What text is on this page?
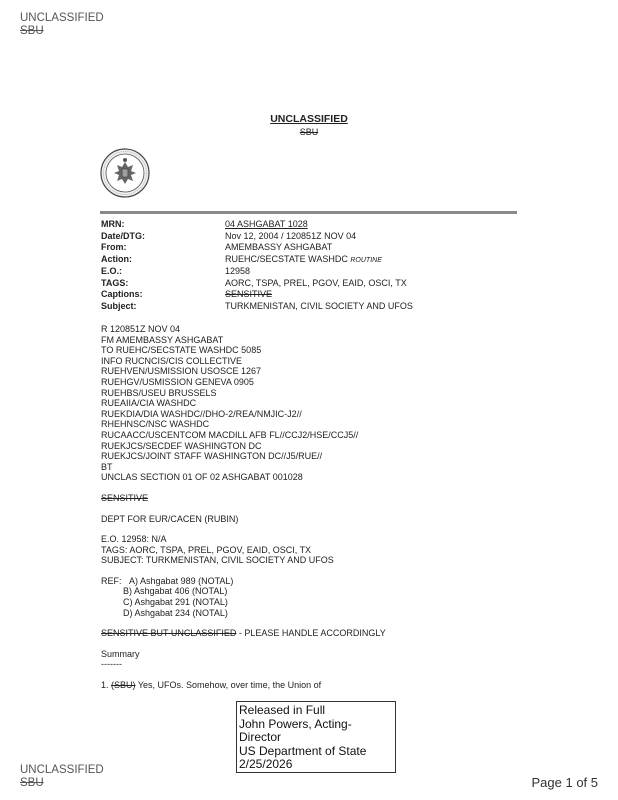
UNCLASSIFIED
SBU
UNCLASSIFIED
SBU
MRN:	04 ASHGABAT 1028
Date/DTG:	Nov 12, 2004 / 120851Z NOV 04
From:	AMEMBASSY ASHGABAT
Action:	RUEHC/SECSTATE WASHDC ROUTINE
E.O.:	12958
TAGS:	AORC, TSPA, PREL, PGOV, EAID, OSCI, TX
Captions:	SENSITIVE
Subject:	TURKMENISTAN, CIVIL SOCIETY AND UFOS
R 120851Z NOV 04
FM AMEMBASSY ASHGABAT
TO RUEHC/SECSTATE WASHDC 5085
INFO RUCNCIS/CIS COLLECTIVE
RUEHVEN/USMISSION USOSCE 1267
RUEHGV/USMISSION GENEVA 0905
RUEHBS/USEU BRUSSELS
RUEAIIA/CIA WASHDC
RUEKDIA/DIA WASHDC//DHO-2/REA/NMJIC-J2//
RHEHNSC/NSC WASHDC
RUCAACC/USCENTCOM MACDILL AFB FL//CCJ2/HSE/CCJ5//
RUEKJCS/SECDEF WASHINGTON DC
RUEKJCS/JOINT STAFF WASHINGTON DC//J5/RUE//
BT
UNCLAS SECTION 01 OF 02 ASHGABAT 001028
SENSITIVE
DEPT FOR EUR/CACEN (RUBIN)
E.O. 12958: N/A
TAGS: AORC, TSPA, PREL, PGOV, EAID, OSCI, TX
SUBJECT: TURKMENISTAN, CIVIL SOCIETY AND UFOS
REF: A) Ashgabat 989 (NOTAL)
B) Ashgabat 406 (NOTAL)
C) Ashgabat 291 (NOTAL)
D) Ashgabat 234 (NOTAL)
SENSITIVE BUT UNCLASSIFIED - PLEASE HANDLE ACCORDINGLY
Summary
-------
1. (SBU) Yes, UFOs. Somehow, over time, the Union of
Released in Full
John Powers, Acting-Director
US Department of State
2/25/2026
UNCLASSIFIED
SBU	Page 1 of 5
